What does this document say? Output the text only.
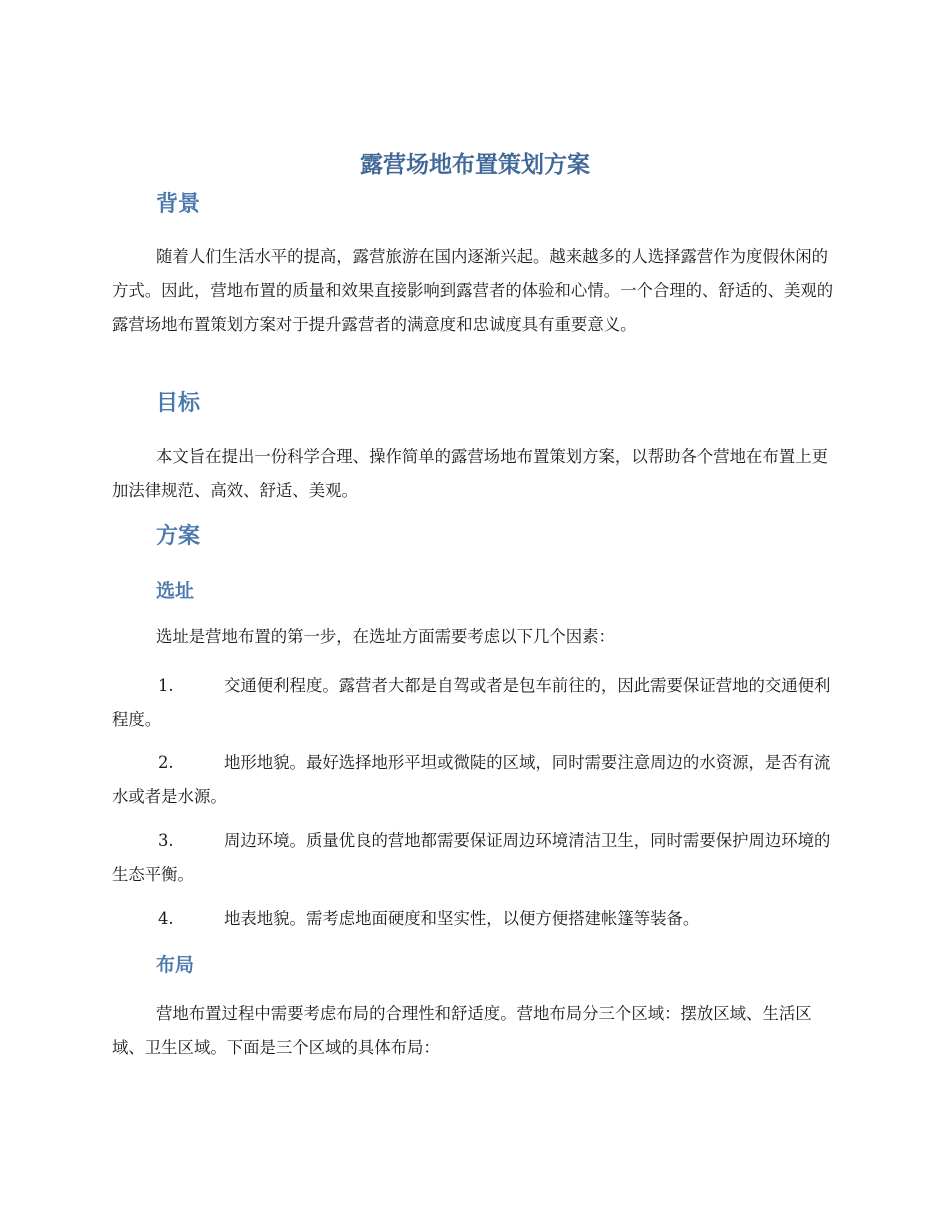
露营场地布置策划方案
背景

随着人们生活水平的提高，露营旅游在国内逐渐兴起。越来越多的人选择露营作为度假休闲的方式。因此，营地布置的质量和效果直接影响到露营者的体验和心情。一个合理的、舒适的、美观的露营场地布置策划方案对于提升露营者的满意度和忠诚度具有重要意义。

目标

本文旨在提出一份科学合理、操作简单的露营场地布置策划方案，以帮助各个营地在布置上更加法律规范、高效、舒适、美观。

方案
选址

选址是营地布置的第一步，在选址方面需要考虑以下几个因素：

1.	交通便利程度。露营者大都是自驾或者是包车前往的，因此需要保证营地的交通便利程度。

2.	地形地貌。最好选择地形平坦或微陡的区域，同时需要注意周边的水资源，是否有流水或者是水源。

3.	周边环境。质量优良的营地都需要保证周边环境清洁卫生，同时需要保护周边环境的生态平衡。

4.	地表地貌。需考虑地面硬度和坚实性，以便方便搭建帐篷等装备。

布局

营地布置过程中需要考虑布局的合理性和舒适度。营地布局分三个区域：摆放区域、生活区域、卫生区域。下面是三个区域的具体布局：
